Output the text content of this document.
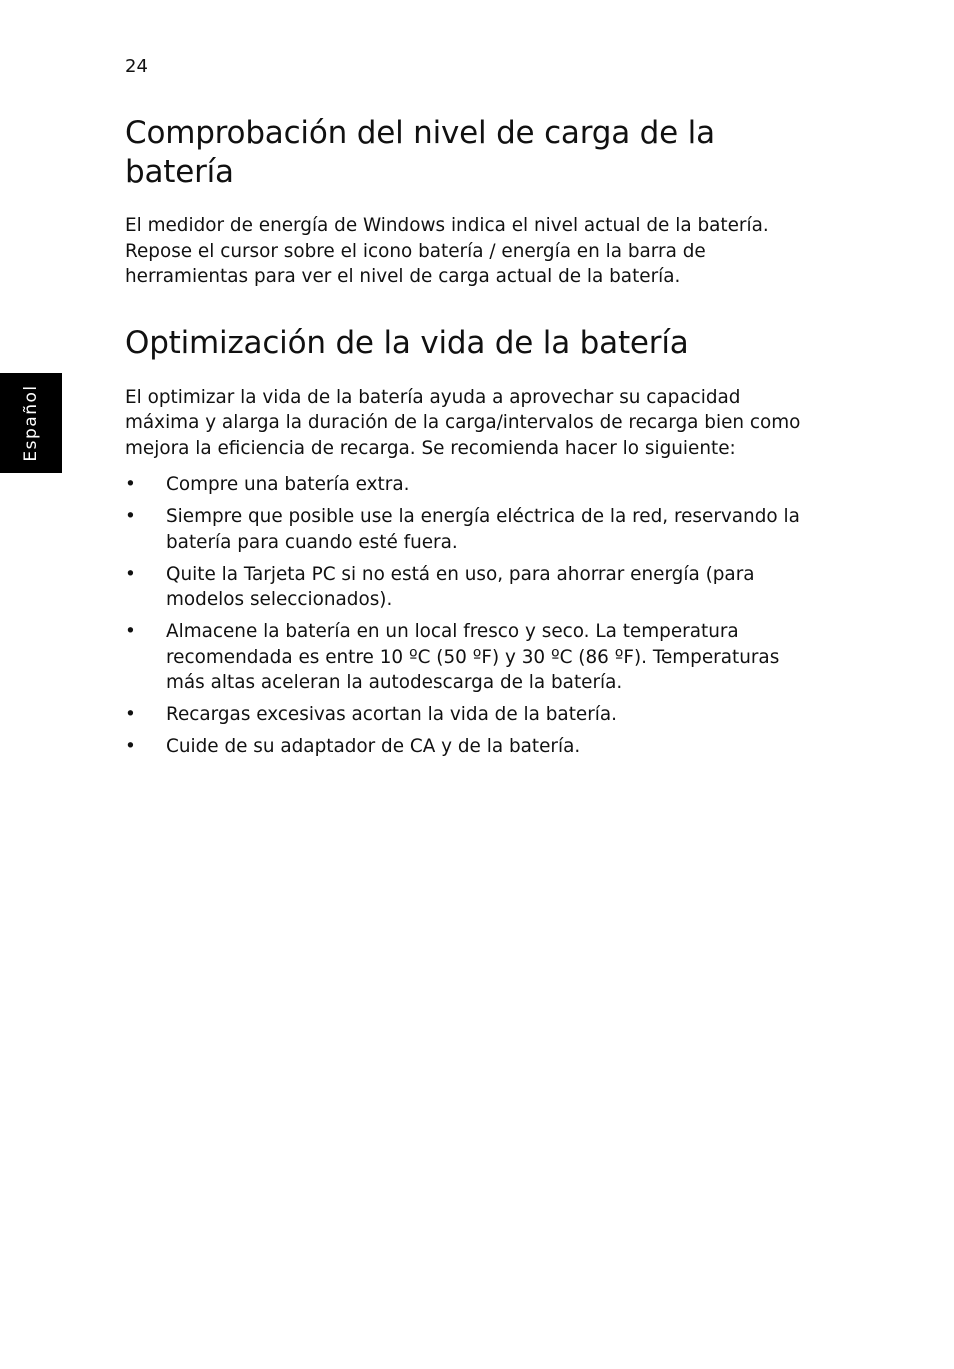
24
Español
Comprobación del nivel de carga de la batería

El medidor de energía de Windows indica el nivel actual de la batería. Repose el cursor sobre el icono batería / energía en la barra de herramientas para ver el nivel de carga actual de la batería.

Optimización de la vida de la batería

El optimizar la vida de la batería ayuda a aprovechar su capacidad máxima y alarga la duración de la carga/intervalos de recarga bien como mejora la eficiencia de recarga. Se recomienda hacer lo siguiente:

• Compre una batería extra.
• Siempre que posible use la energía eléctrica de la red, reservando la batería para cuando esté fuera.
• Quite la Tarjeta PC si no está en uso, para ahorrar energía (para modelos seleccionados).
• Almacene la batería en un local fresco y seco. La temperatura recomendada es entre 10 ºC (50 ºF) y 30 ºC (86 ºF). Temperaturas más altas aceleran la autodescarga de la batería.
• Recargas excesivas acortan la vida de la batería.
• Cuide de su adaptador de CA y de la batería.
